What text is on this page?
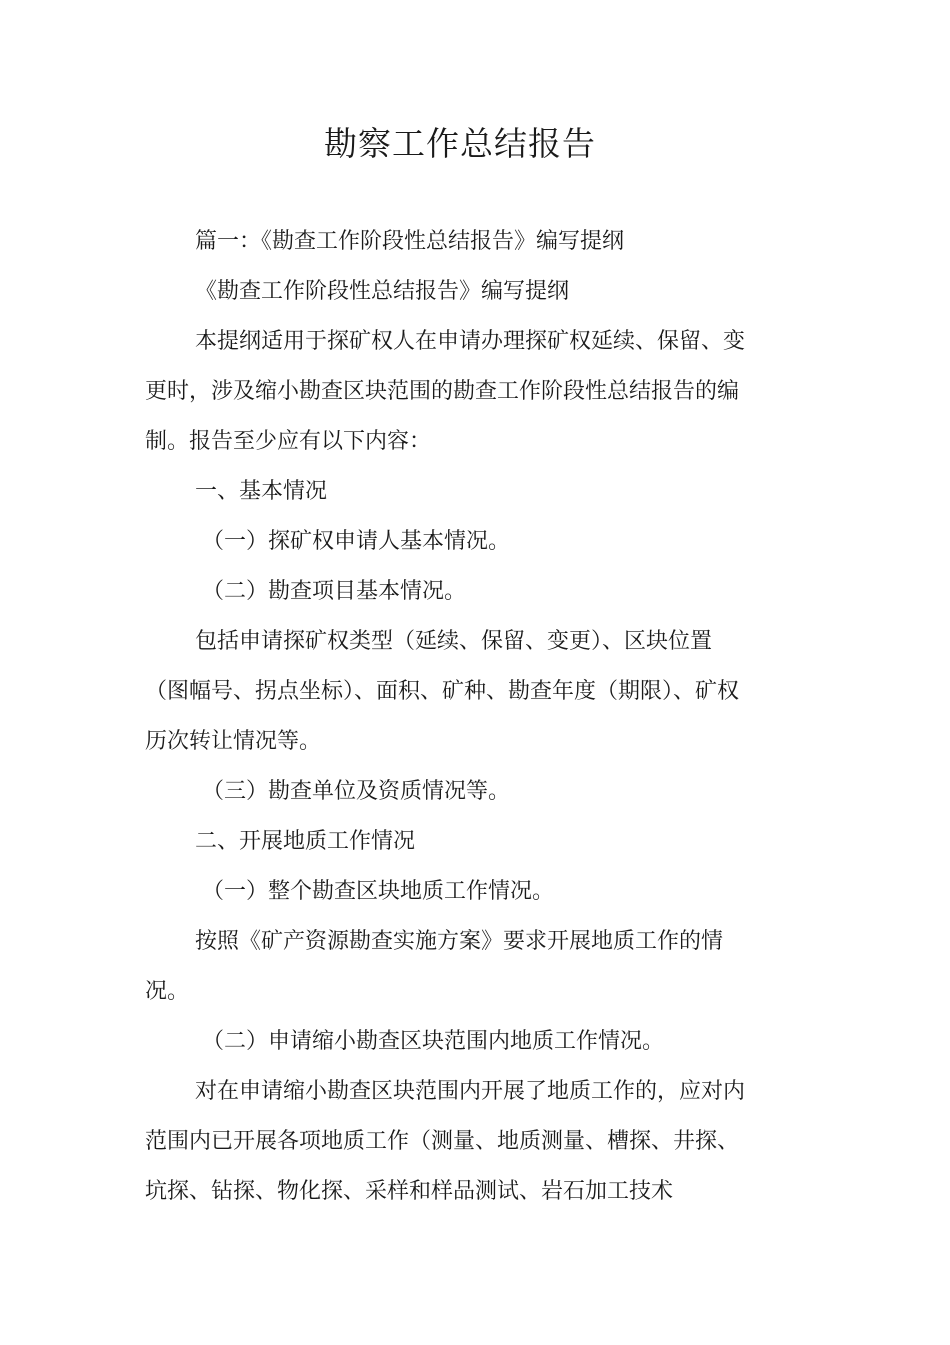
勘察工作总结报告

篇一：《勘查工作阶段性总结报告》编写提纲

《勘查工作阶段性总结报告》编写提纲

本提纲适用于探矿权人在申请办理探矿权延续、保留、变更时，涉及缩小勘查区块范围的勘查工作阶段性总结报告的编制。报告至少应有以下内容：

一、基本情况

（一）探矿权申请人基本情况。

（二）勘查项目基本情况。

包括申请探矿权类型（延续、保留、变更）、区块位置（图幅号、拐点坐标）、面积、矿种、勘查年度（期限）、矿权历次转让情况等。

（三）勘查单位及资质情况等。

二、开展地质工作情况

（一）整个勘查区块地质工作情况。

按照《矿产资源勘查实施方案》要求开展地质工作的情况。

（二）申请缩小勘查区块范围内地质工作情况。

对在申请缩小勘查区块范围内开展了地质工作的，应对内范围内已开展各项地质工作（测量、地质测量、槽探、井探、坑探、钻探、物化探、采样和样品测试、岩石加工技术
